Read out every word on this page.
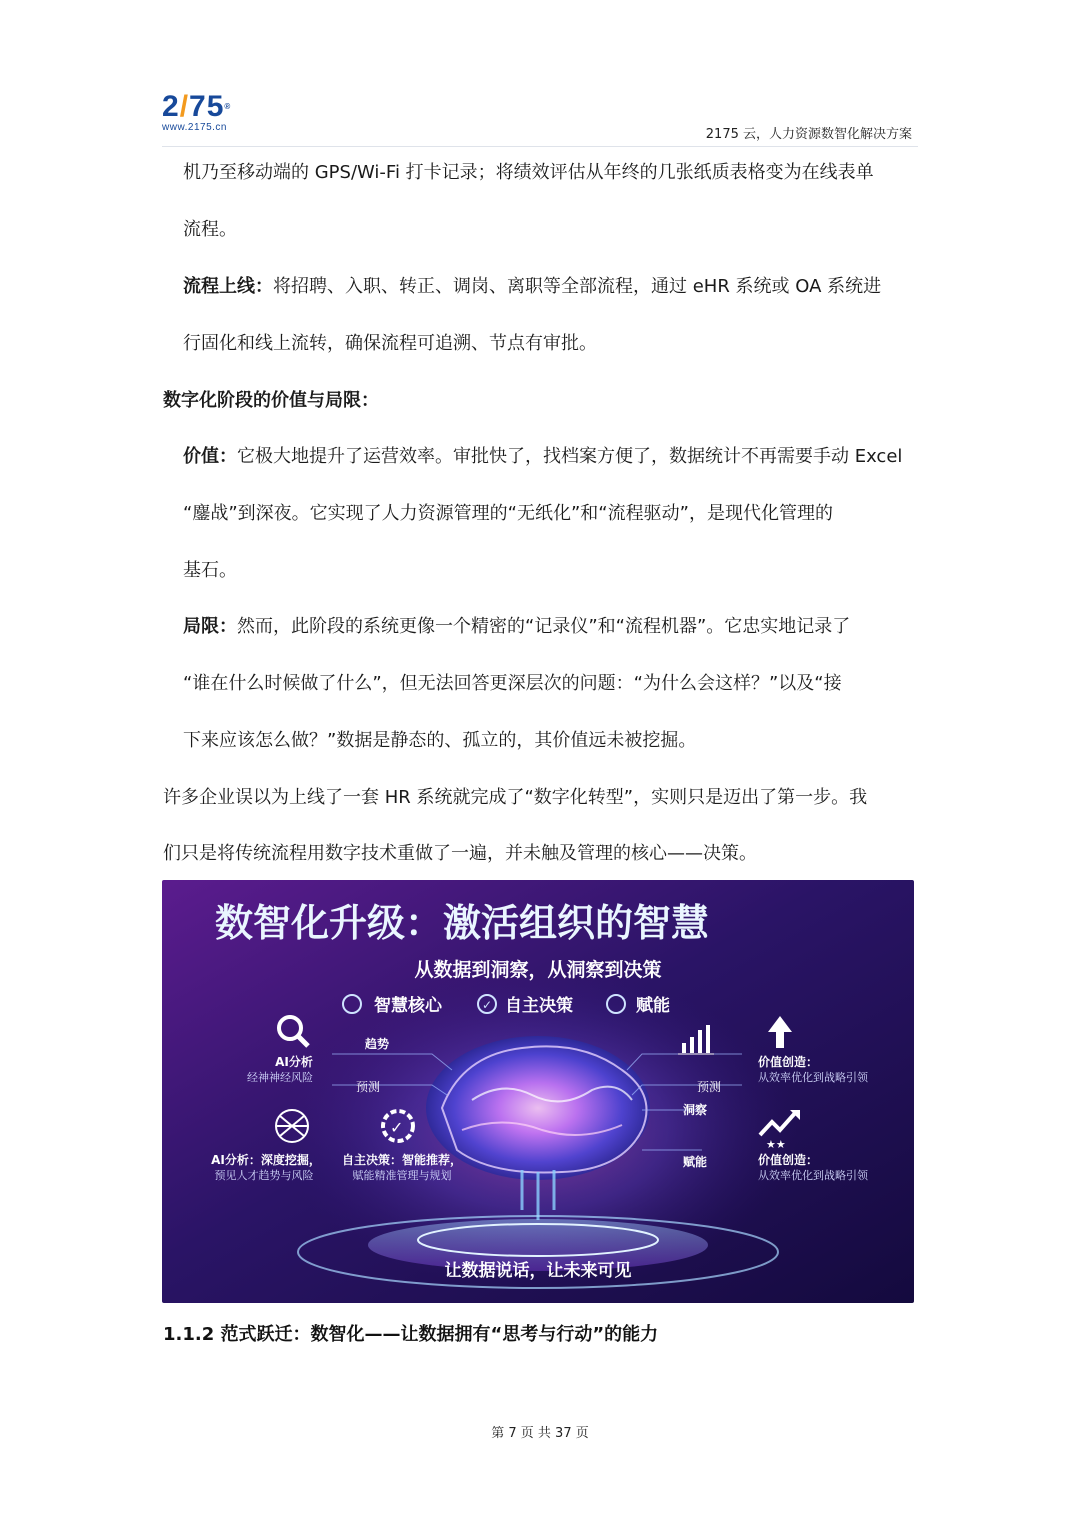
2/75®
www.2175.cn	2175 云，人力资源数智化解决方案
机乃至移动端的 GPS/Wi-Fi 打卡记录；将绩效评估从年终的几张纸质表格变为在线表单
流程。
流程上线：将招聘、入职、转正、调岗、离职等全部流程，通过 eHR 系统或 OA 系统进
行固化和线上流转，确保流程可追溯、节点有审批。
数字化阶段的价值与局限：
价值：它极大地提升了运营效率。审批快了，找档案方便了，数据统计不再需要手动 Excel
“鏖战”到深夜。它实现了人力资源管理的“无纸化”和“流程驱动”，是现代化管理的
基石。
局限：然而，此阶段的系统更像一个精密的“记录仪”和“流程机器”。它忠实地记录了
“谁在什么时候做了什么”，但无法回答更深层次的问题：“为什么会这样？”以及“接
下来应该怎么做？”数据是静态的、孤立的，其价值远未被挖掘。
许多企业误以为上线了一套 HR 系统就完成了“数字化转型”，实则只是迈出了第一步。我
们只是将传统流程用数字技术重做了一遍，并未触及管理的核心——决策。
数智化升级：激活组织的智慧
从数据到洞察，从洞察到决策
智慧核心	✓ 自主决策	赋能
AI分析
经神神经风险
AI分析：深度挖掘，
预见人才趋势与风险
✓
自主决策：智能推荐，
赋能精准管理与规划
趋势
预测	预测
洞察
赋能
价值创造：
从效率优化到战略引领
★★
价值创造：
从效率优化到战略引领
让数据说话，让未来可见
1.1.2 范式跃迁：数智化——让数据拥有“思考与行动”的能力
第 7 页 共 37 页
